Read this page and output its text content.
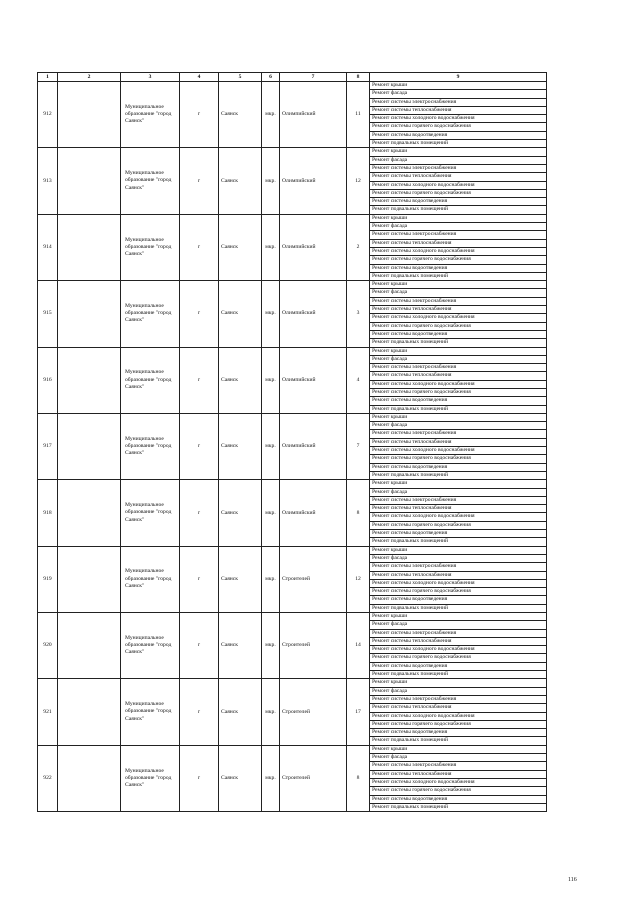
1	2	3	4	5	6	7	8	9
912		Муниципальное образование "город Саянск"	г	Саянск	мкр.	Олимпийский	11	Ремонт крыши
								Ремонт фасада
								Ремонт системы электроснабжения
								Ремонт системы теплоснабжения
								Ремонт системы холодного водоснабжения
								Ремонт системы горячего водоснабжения
								Ремонт системы водоотведения
								Ремонт подвальных помещений
913		Муниципальное образование "город Саянск"	г	Саянск	мкр.	Олимпийский	12	Ремонт крыши
								Ремонт фасада
								Ремонт системы электроснабжения
								Ремонт системы теплоснабжения
								Ремонт системы холодного водоснабжения
								Ремонт системы горячего водоснабжения
								Ремонт системы водоотведения
								Ремонт подвальных помещений
914		Муниципальное образование "город Саянск"	г	Саянск	мкр.	Олимпийский	2	Ремонт крыши
								Ремонт фасада
								Ремонт системы электроснабжения
								Ремонт системы теплоснабжения
								Ремонт системы холодного водоснабжения
								Ремонт системы горячего водоснабжения
								Ремонт системы водоотведения
								Ремонт подвальных помещений
915		Муниципальное образование "город Саянск"	г	Саянск	мкр.	Олимпийский	3	Ремонт крыши
								Ремонт фасада
								Ремонт системы электроснабжения
								Ремонт системы теплоснабжения
								Ремонт системы холодного водоснабжения
								Ремонт системы горячего водоснабжения
								Ремонт системы водоотведения
								Ремонт подвальных помещений
916		Муниципальное образование "город Саянск"	г	Саянск	мкр.	Олимпийский	4	Ремонт крыши
								Ремонт фасада
								Ремонт системы электроснабжения
								Ремонт системы теплоснабжения
								Ремонт системы холодного водоснабжения
								Ремонт системы горячего водоснабжения
								Ремонт системы водоотведения
								Ремонт подвальных помещений
917		Муниципальное образование "город Саянск"	г	Саянск	мкр.	Олимпийский	7	Ремонт крыши
								Ремонт фасада
								Ремонт системы электроснабжения
								Ремонт системы теплоснабжения
								Ремонт системы холодного водоснабжения
								Ремонт системы горячего водоснабжения
								Ремонт системы водоотведения
								Ремонт подвальных помещений
918		Муниципальное образование "город Саянск"	г	Саянск	мкр.	Олимпийский	8	Ремонт крыши
								Ремонт фасада
								Ремонт системы электроснабжения
								Ремонт системы теплоснабжения
								Ремонт системы холодного водоснабжения
								Ремонт системы горячего водоснабжения
								Ремонт системы водоотведения
								Ремонт подвальных помещений
919		Муниципальное образование "город Саянск"	г	Саянск	мкр.	Строителей	12	Ремонт крыши
								Ремонт фасада
								Ремонт системы электроснабжения
								Ремонт системы теплоснабжения
								Ремонт системы холодного водоснабжения
								Ремонт системы горячего водоснабжения
								Ремонт системы водоотведения
								Ремонт подвальных помещений
920		Муниципальное образование "город Саянск"	г	Саянск	мкр.	Строителей	14	Ремонт крыши
								Ремонт фасада
								Ремонт системы электроснабжения
								Ремонт системы теплоснабжения
								Ремонт системы холодного водоснабжения
								Ремонт системы горячего водоснабжения
								Ремонт системы водоотведения
								Ремонт подвальных помещений
921		Муниципальное образование "город Саянск"	г	Саянск	мкр.	Строителей	17	Ремонт крыши
								Ремонт фасада
								Ремонт системы электроснабжения
								Ремонт системы теплоснабжения
								Ремонт системы холодного водоснабжения
								Ремонт системы горячего водоснабжения
								Ремонт системы водоотведения
								Ремонт подвальных помещений
922		Муниципальное образование "город Саянск"	г	Саянск	мкр.	Строителей	8	Ремонт крыши
								Ремонт фасада
								Ремонт системы электроснабжения
								Ремонт системы теплоснабжения
								Ремонт системы холодного водоснабжения
								Ремонт системы горячего водоснабжения
								Ремонт системы водоотведения
								Ремонт подвальных помещений
116
